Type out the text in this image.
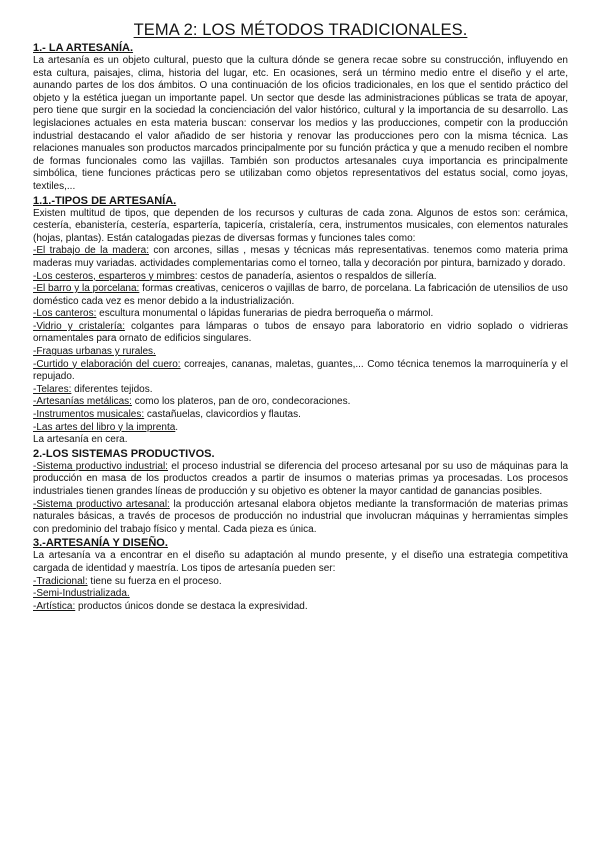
TEMA 2: LOS MÉTODOS TRADICIONALES.
1.- LA ARTESANÍA.

La artesanía es un objeto cultural, puesto que la cultura dónde se genera recae sobre su construcción, influyendo en esta cultura, paisajes, clima, historia del lugar, etc. En ocasiones, será un término medio entre el diseño y el arte, aunando partes de los dos ámbitos. O una continuación de los oficios tradicionales, en los que el sentido práctico del objeto y la estética juegan un importante papel. Un sector que desde las administraciones públicas se trata de apoyar, pero tiene que surgir en la sociedad la concienciación del valor histórico, cultural y la importancia de su desarrollo. Las legislaciones actuales en esta materia buscan: conservar los medios y las producciones, competir con la producción industrial destacando el valor añadido de ser historia y renovar las producciones pero con la misma técnica. Las relaciones manuales son productos marcados principalmente por su función práctica y que a menudo reciben el nombre de formas funcionales como las vajillas. También son productos artesanales cuya importancia es principalmente simbólica, tiene funciones prácticas pero se utilizaban como objetos representativos del estatus social, como joyas, textiles,...

1.1.-TIPOS DE ARTESANÍA.

Existen multitud de tipos, que dependen de los recursos y culturas de cada zona. Algunos de estos son: cerámica, cestería, ebanistería, cestería, espartería, tapicería, cristalería, cera, instrumentos musicales, con elementos naturales (hojas, plantas). Están catalogadas piezas de diversas formas y funciones tales como:

-El trabajo de la madera: con arcones, sillas , mesas y técnicas más representativas. tenemos como materia prima maderas muy variadas. actividades complementarias como el torneo, talla y decoración por pintura, barnizado y dorado.

-Los cesteros, esparteros y mimbres: cestos de panadería, asientos o respaldos de sillería.

-El barro y la porcelana: formas creativas, ceniceros o vajillas de barro, de porcelana. La fabricación de utensilios de uso doméstico cada vez es menor debido a la industrialización.

-Los canteros: escultura monumental o lápidas funerarias de piedra berroqueña o mármol.

-Vidrio y cristalería: colgantes para lámparas o tubos de ensayo para laboratorio en vidrio soplado o vidrieras ornamentales para ornato de edificios singulares.

-Fraguas urbanas y rurales.

-Curtido y elaboración del cuero: correajes, cananas, maletas, guantes,... Como técnica tenemos la marroquinería y el repujado.

-Telares: diferentes tejidos.

-Artesanías metálicas: como los plateros, pan de oro, condecoraciones.

-Instrumentos musicales: castañuelas, clavicordios y flautas.

-Las artes del libro y la imprenta.

La artesanía en cera.

2.-LOS SISTEMAS PRODUCTIVOS.

-Sistema productivo industrial: el proceso industrial se diferencia del proceso artesanal por su uso de máquinas para la producción en masa de los productos creados a partir de insumos o materias primas ya procesadas. Los procesos industriales tienen grandes líneas de producción y su objetivo es obtener la mayor cantidad de ganancias posibles.

-Sistema productivo artesanal: la producción artesanal elabora objetos mediante la transformación de materias primas naturales básicas, a través de procesos de producción no industrial que involucran máquinas y herramientas simples con predominio del trabajo físico y mental. Cada pieza es única.

3.-ARTESANÍA Y DISEÑO.

La artesanía va a encontrar en el diseño su adaptación al mundo presente, y el diseño una estrategia competitiva cargada de identidad y maestría. Los tipos de artesanía pueden ser:

-Tradicional: tiene su fuerza en el proceso.

-Semi-Industrializada.

-Artística: productos únicos donde se destaca la expresividad.
